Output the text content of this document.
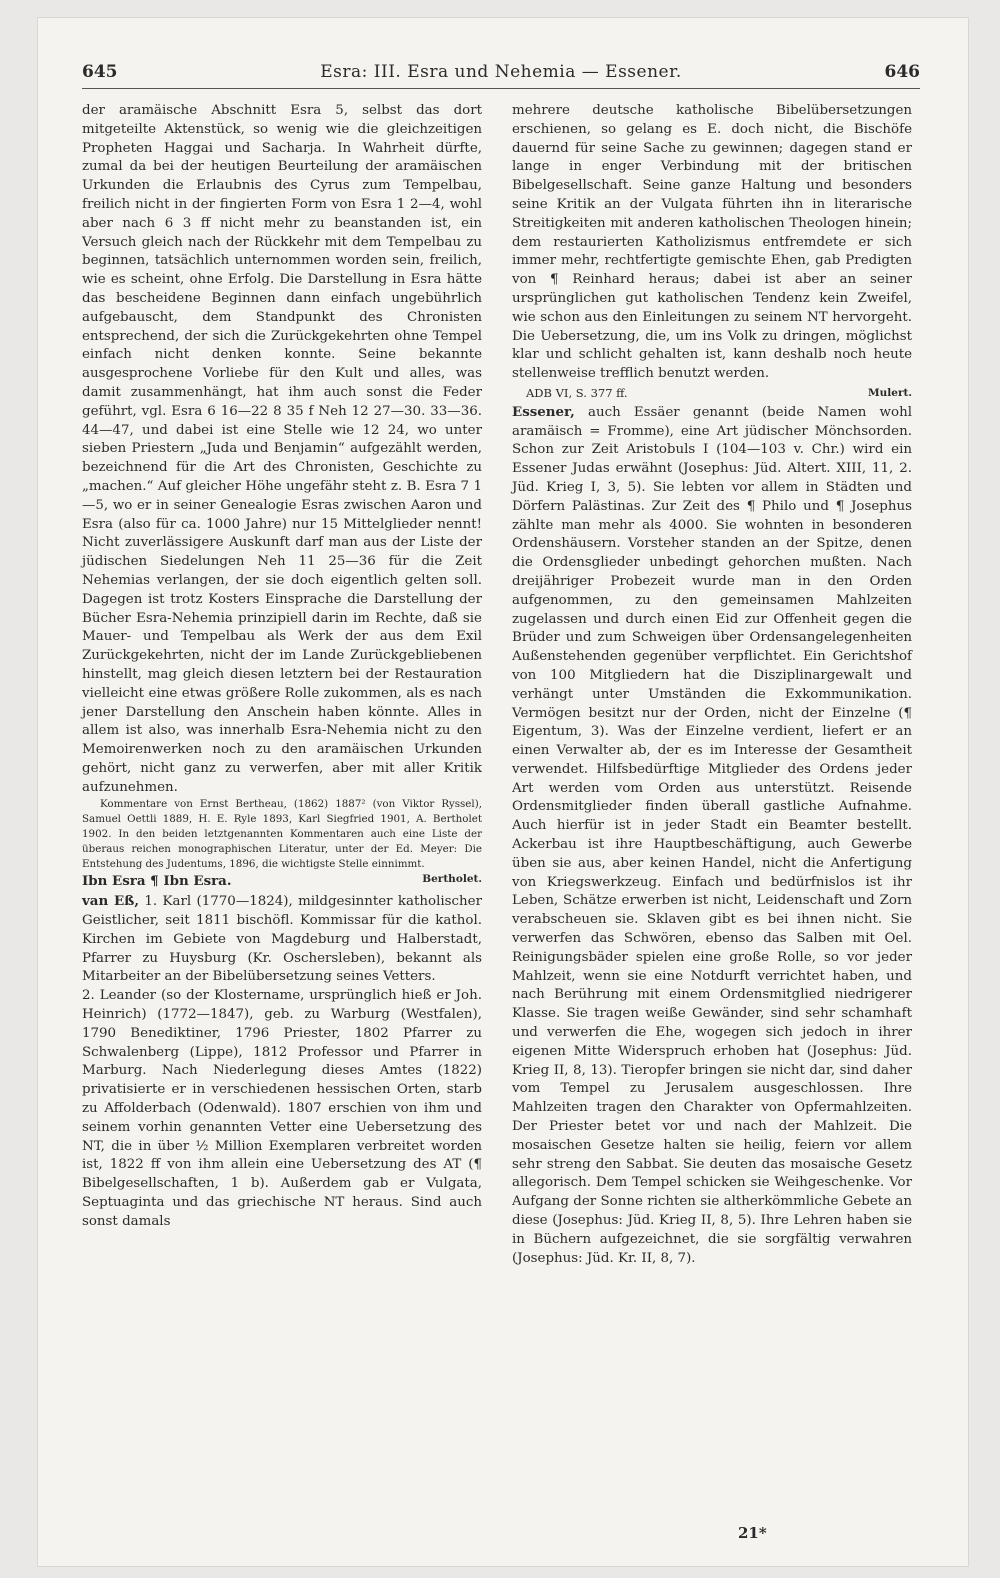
645	Esra: III. Esra und Nehemia — Essener.	646

der aramäische Abschnitt Esra 5, selbst das dort mitgeteilte Aktenstück, so wenig wie die gleichzeitigen Propheten Haggai und Sacharja. In Wahrheit dürfte, zumal da bei der heutigen Beurteilung der aramäischen Urkunden die Erlaubnis des Cyrus zum Tempelbau, freilich nicht in der fingierten Form von Esra 1 2—4, wohl aber nach 6 3 ff nicht mehr zu beanstanden ist, ein Versuch gleich nach der Rückkehr mit dem Tempelbau zu beginnen, tatsächlich unternommen worden sein, freilich, wie es scheint, ohne Erfolg. Die Darstellung in Esra hätte das bescheidene Beginnen dann einfach ungebührlich aufgebauscht, dem Standpunkt des Chronisten entsprechend, der sich die Zurückgekehrten ohne Tempel einfach nicht denken konnte. Seine bekannte ausgesprochene Vorliebe für den Kult und alles, was damit zusammenhängt, hat ihm auch sonst die Feder geführt, vgl. Esra 6 16—22 8 35 f Neh 12 27—30. 33—36. 44—47, und dabei ist eine Stelle wie 12 24, wo unter sieben Priestern „Juda und Benjamin“ aufgezählt werden, bezeichnend für die Art des Chronisten, Geschichte zu „machen.“ Auf gleicher Höhe ungefähr steht z. B. Esra 7 1—5, wo er in seiner Genealogie Esras zwischen Aaron und Esra (also für ca. 1000 Jahre) nur 15 Mittelglieder nennt! Nicht zuverlässigere Auskunft darf man aus der Liste der jüdischen Siedelungen Neh 11 25—36 für die Zeit Nehemias verlangen, der sie doch eigentlich gelten soll. Dagegen ist trotz Kosters Einsprache die Darstellung der Bücher Esra-Nehemia prinzipiell darin im Rechte, daß sie Mauer- und Tempelbau als Werk der aus dem Exil Zurückgekehrten, nicht der im Lande Zurückgebliebenen hinstellt, mag gleich diesen letztern bei der Restauration vielleicht eine etwas größere Rolle zukommen, als es nach jener Darstellung den Anschein haben könnte. Alles in allem ist also, was innerhalb Esra-Nehemia nicht zu den Memoirenwerken noch zu den aramäischen Urkunden gehört, nicht ganz zu verwerfen, aber mit aller Kritik aufzunehmen.

Kommentare von Ernst Bertheau, (1862) 1887² (von Viktor Ryssel), Samuel Oettli 1889, H. E. Ryle 1893, Karl Siegfried 1901, A. Bertholet 1902. In den beiden letztgenannten Kommentaren auch eine Liste der überaus reichen monographischen Literatur, unter der Ed. Meyer: Die Entstehung des Judentums, 1896, die wichtigste Stelle einnimmt.
Bertholet.

Ibn Esra ¶ Ibn Esra.

van Eß, 1. Karl (1770—1824), mildgesinnter katholischer Geistlicher, seit 1811 bischöfl. Kommissar für die kathol. Kirchen im Gebiete von Magdeburg und Halberstadt, Pfarrer zu Huysburg (Kr. Oschersleben), bekannt als Mitarbeiter an der Bibelübersetzung seines Vetters.

2. Leander (so der Klostername, ursprünglich hieß er Joh. Heinrich) (1772—1847), geb. zu Warburg (Westfalen), 1790 Benediktiner, 1796 Priester, 1802 Pfarrer zu Schwalenberg (Lippe), 1812 Professor und Pfarrer in Marburg. Nach Niederlegung dieses Amtes (1822) privatisierte er in verschiedenen hessischen Orten, starb zu Affolderbach (Odenwald). 1807 erschien von ihm und seinem vorhin genannten Vetter eine Uebersetzung des NT, die in über ½ Million Exemplaren verbreitet worden ist, 1822 ff von ihm allein eine Uebersetzung des AT (¶ Bibelgesellschaften, 1 b). Außerdem gab er Vulgata, Septuaginta und das griechische NT heraus. Sind auch sonst damals

mehrere deutsche katholische Bibelübersetzungen erschienen, so gelang es E. doch nicht, die Bischöfe dauernd für seine Sache zu gewinnen; dagegen stand er lange in enger Verbindung mit der britischen Bibelgesellschaft. Seine ganze Haltung und besonders seine Kritik an der Vulgata führten ihn in literarische Streitigkeiten mit anderen katholischen Theologen hinein; dem restaurierten Katholizismus entfremdete er sich immer mehr, rechtfertigte gemischte Ehen, gab Predigten von ¶ Reinhard heraus; dabei ist aber an seiner ursprünglichen gut katholischen Tendenz kein Zweifel, wie schon aus den Einleitungen zu seinem NT hervorgeht. Die Uebersetzung, die, um ins Volk zu dringen, möglichst klar und schlicht gehalten ist, kann deshalb noch heute stellenweise trefflich benutzt werden.

ADB VI, S. 377 ff.	Mulert.

Essener, auch Essäer genannt (beide Namen wohl aramäisch = Fromme), eine Art jüdischer Mönchsorden. Schon zur Zeit Aristobuls I (104—103 v. Chr.) wird ein Essener Judas erwähnt (Josephus: Jüd. Altert. XIII, 11, 2. Jüd. Krieg I, 3, 5). Sie lebten vor allem in Städten und Dörfern Palästinas. Zur Zeit des ¶ Philo und ¶ Josephus zählte man mehr als 4000. Sie wohnten in besonderen Ordenshäusern. Vorsteher standen an der Spitze, denen die Ordensglieder unbedingt gehorchen mußten. Nach dreijähriger Probezeit wurde man in den Orden aufgenommen, zu den gemeinsamen Mahlzeiten zugelassen und durch einen Eid zur Offenheit gegen die Brüder und zum Schweigen über Ordensangelegenheiten Außenstehenden gegenüber verpflichtet. Ein Gerichtshof von 100 Mitgliedern hat die Disziplinargewalt und verhängt unter Umständen die Exkommunikation. Vermögen besitzt nur der Orden, nicht der Einzelne (¶ Eigentum, 3). Was der Einzelne verdient, liefert er an einen Verwalter ab, der es im Interesse der Gesamtheit verwendet. Hilfsbedürftige Mitglieder des Ordens jeder Art werden vom Orden aus unterstützt. Reisende Ordensmitglieder finden überall gastliche Aufnahme. Auch hierfür ist in jeder Stadt ein Beamter bestellt. Ackerbau ist ihre Hauptbeschäftigung, auch Gewerbe üben sie aus, aber keinen Handel, nicht die Anfertigung von Kriegswerkzeug. Einfach und bedürfnislos ist ihr Leben, Schätze erwerben ist nicht, Leidenschaft und Zorn verabscheuen sie. Sklaven gibt es bei ihnen nicht. Sie verwerfen das Schwören, ebenso das Salben mit Oel. Reinigungsbäder spielen eine große Rolle, so vor jeder Mahlzeit, wenn sie eine Notdurft verrichtet haben, und nach Berührung mit einem Ordensmitglied niedrigerer Klasse. Sie tragen weiße Gewänder, sind sehr schamhaft und verwerfen die Ehe, wogegen sich jedoch in ihrer eigenen Mitte Widerspruch erhoben hat (Josephus: Jüd. Krieg II, 8, 13). Tieropfer bringen sie nicht dar, sind daher vom Tempel zu Jerusalem ausgeschlossen. Ihre Mahlzeiten tragen den Charakter von Opfermahlzeiten. Der Priester betet vor und nach der Mahlzeit. Die mosaischen Gesetze halten sie heilig, feiern vor allem sehr streng den Sabbat. Sie deuten das mosaische Gesetz allegorisch. Dem Tempel schicken sie Weihgeschenke. Vor Aufgang der Sonne richten sie altherkömmliche Gebete an diese (Josephus: Jüd. Krieg II, 8, 5). Ihre Lehren haben sie in Büchern aufgezeichnet, die sie sorgfältig verwahren (Josephus: Jüd. Kr. II, 8, 7).

21*
